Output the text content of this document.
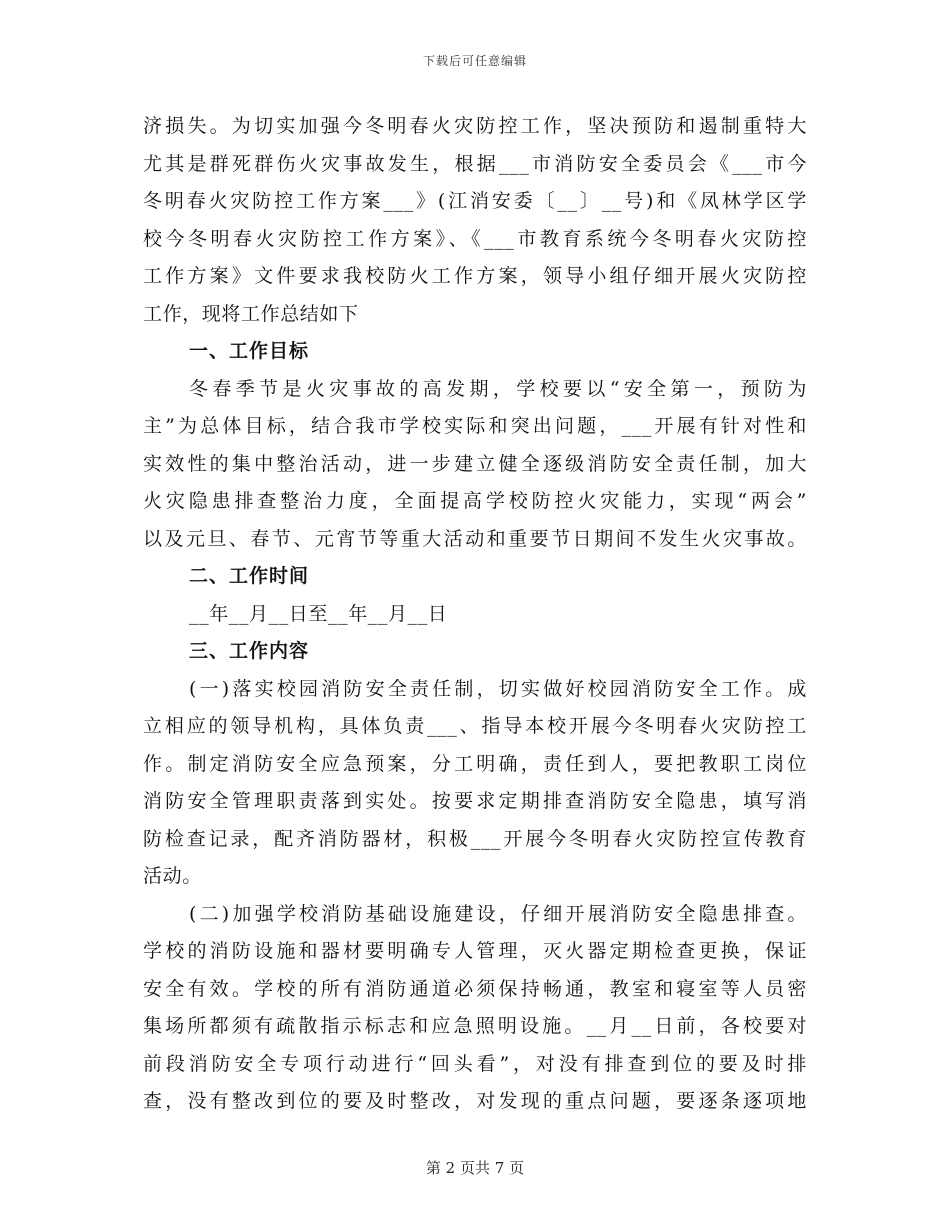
下载后可任意编辑
济损失。为切实加强今冬明春火灾防控工作，坚决预防和遏制重特大
尤其是群死群伤火灾事故发生，根据___市消防安全委员会《___市今
冬明春火灾防控工作方案___》(江消安委〔__〕__号)和《凤林学区学
校今冬明春火灾防控工作方案》、《___市教育系统今冬明春火灾防控
工作方案》文件要求我校防火工作方案，领导小组仔细开展火灾防控
工作，现将工作总结如下
一、工作目标
冬春季节是火灾事故的高发期，学校要以“安全第一，预防为
主”为总体目标，结合我市学校实际和突出问题，___开展有针对性和
实效性的集中整治活动，进一步建立健全逐级消防安全责任制，加大
火灾隐患排查整治力度，全面提高学校防控火灾能力，实现“两会”
以及元旦、春节、元宵节等重大活动和重要节日期间不发生火灾事故。
二、工作时间
__年__月__日至__年__月__日
三、工作内容
(一)落实校园消防安全责任制，切实做好校园消防安全工作。成
立相应的领导机构，具体负责___、指导本校开展今冬明春火灾防控工
作。制定消防安全应急预案，分工明确，责任到人，要把教职工岗位
消防安全管理职责落到实处。按要求定期排查消防安全隐患，填写消
防检查记录，配齐消防器材，积极___开展今冬明春火灾防控宣传教育
活动。
(二)加强学校消防基础设施建设，仔细开展消防安全隐患排查。
学校的消防设施和器材要明确专人管理，灭火器定期检查更换，保证
安全有效。学校的所有消防通道必须保持畅通，教室和寝室等人员密
集场所都须有疏散指示标志和应急照明设施。__月__日前，各校要对
前段消防安全专项行动进行“回头看”，对没有排查到位的要及时排
查，没有整改到位的要及时整改，对发现的重点问题，要逐条逐项地
第 2 页共 7 页
